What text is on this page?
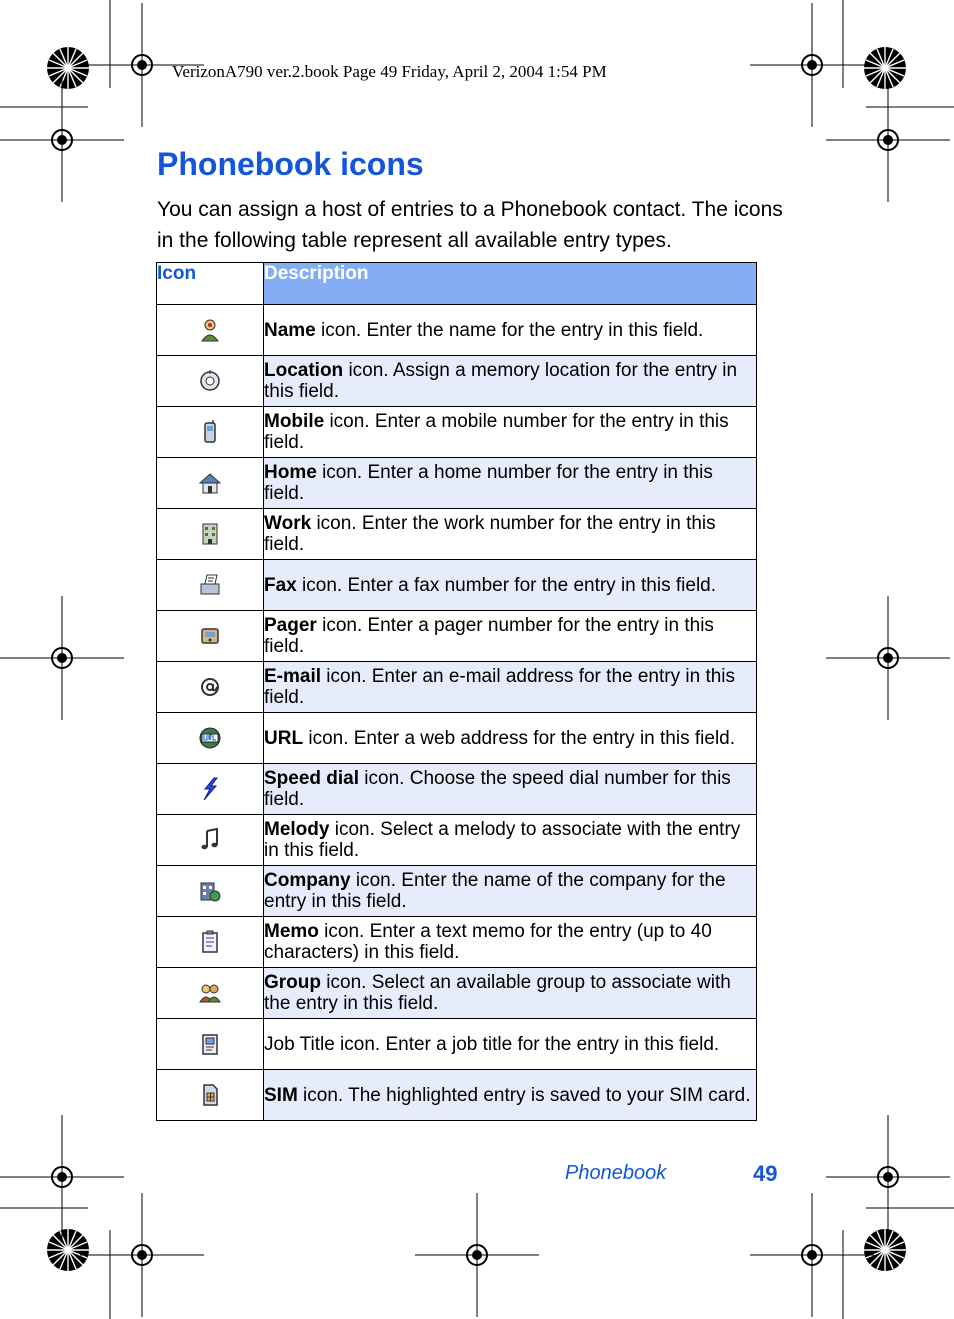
VerizonA790 ver.2.book Page 49 Friday, April 2, 2004 1:54 PM
Phonebook icons

You can assign a host of entries to a Phonebook contact. The icons in the following table represent all available entry types.

Icon	Description
	Name icon. Enter the name for the entry in this field.
	Location icon. Assign a memory location for the entry in this field.
	Mobile icon. Enter a mobile number for the entry in this field.
	Home icon. Enter a home number for the entry in this field.
	Work icon. Enter the work number for the entry in this field.
	Fax icon. Enter a fax number for the entry in this field.
	Pager icon. Enter a pager number for the entry in this field.
	E-mail icon. Enter an e-mail address for the entry in this field.
	URL icon. Enter a web address for the entry in this field.
	Speed dial icon. Choose the speed dial number for this field.
	Melody icon. Select a melody to associate with the entry in this field.
	Company icon. Enter the name of the company for the entry in this field.
	Memo icon. Enter a text memo for the entry (up to 40 characters) in this field.
	Group icon. Select an available group to associate with the entry in this field.
	Job Title icon. Enter a job title for the entry in this field.
	SIM icon. The highlighted entry is saved to your SIM card.
Phonebook	49
